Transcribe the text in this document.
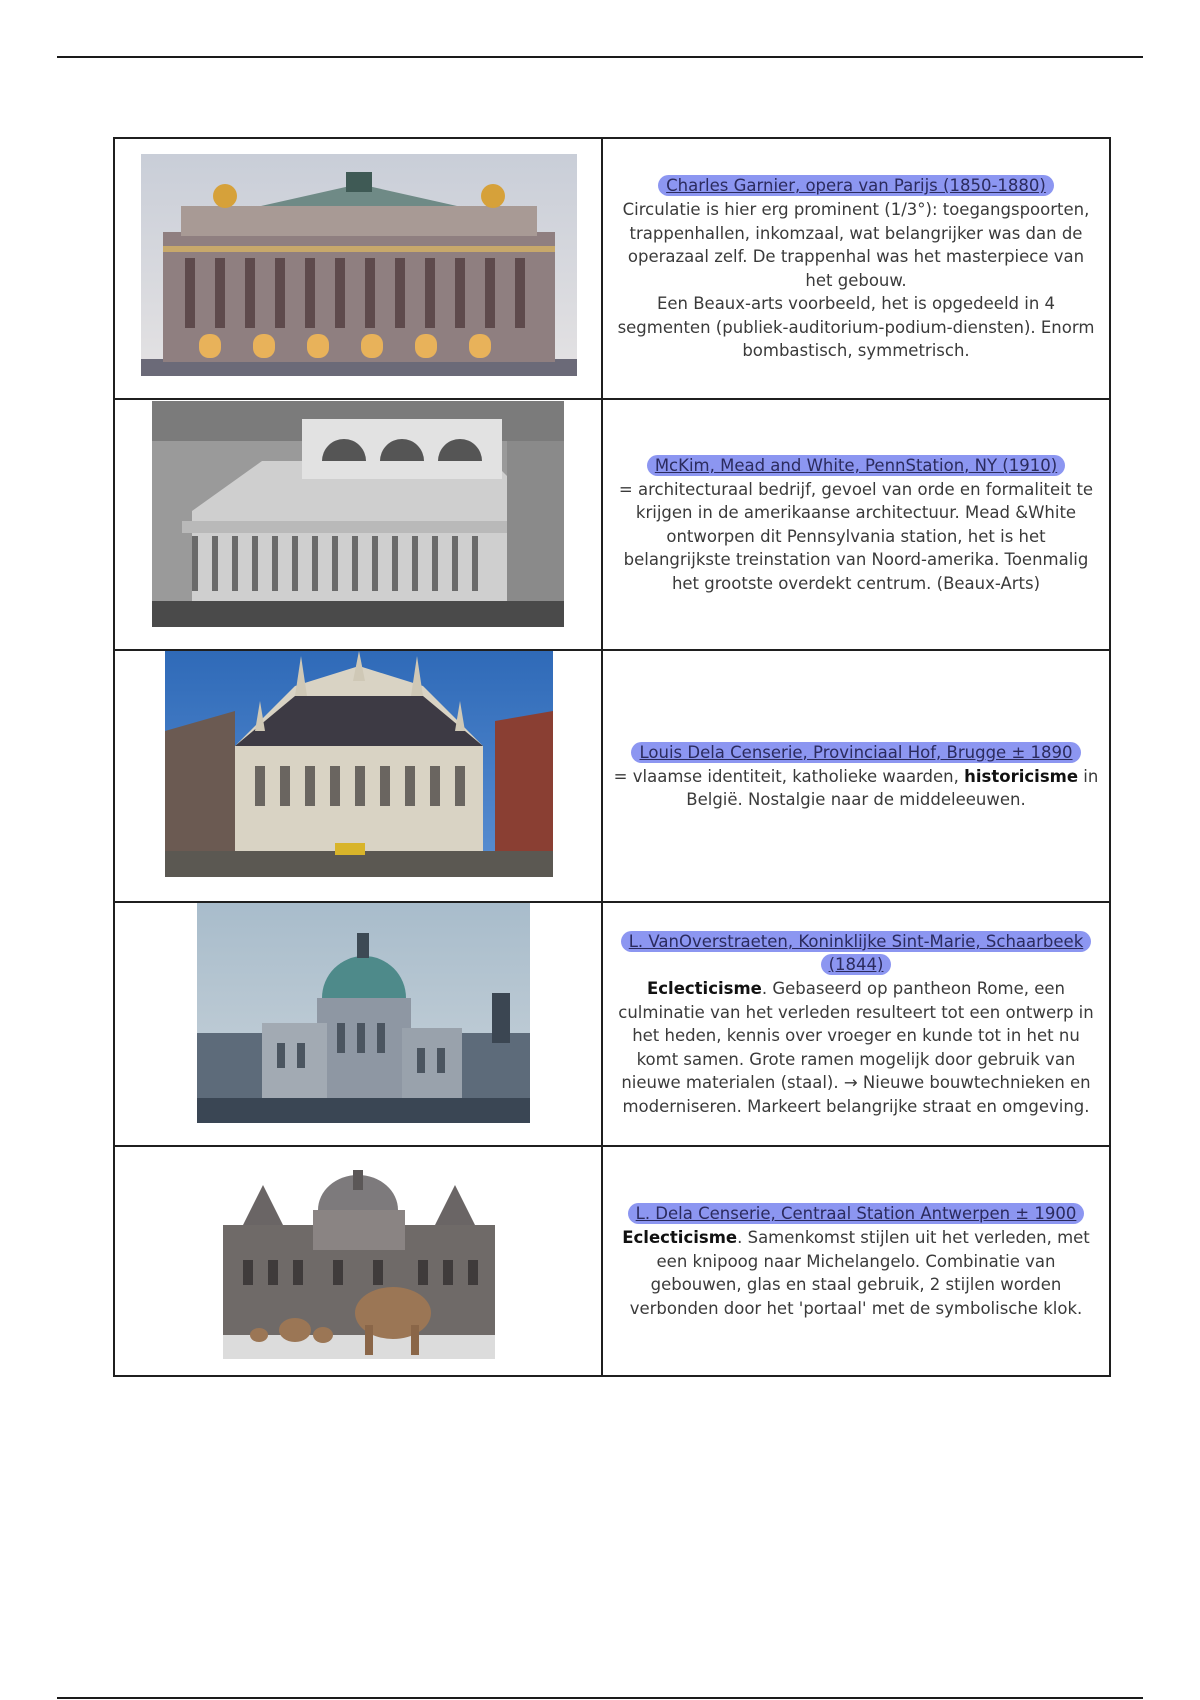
	Charles Garnier, opera van Parijs (1850-1880)

Circulatie is hier erg prominent (1/3°): toegangspoorten, trappenhallen, inkomzaal, wat belangrijker was dan de operazaal zelf. De trappenhal was het masterpiece van het gebouw.

Een Beaux-arts voorbeeld, het is opgedeeld in 4 segmenten (publiek-auditorium-podium-diensten). Enorm bombastisch, symmetrisch.

	McKim, Mead and White, PennStation, NY (1910)

= architecturaal bedrijf, gevoel van orde en formaliteit te krijgen in de amerikaanse architectuur. Mead &White ontworpen dit Pennsylvania station, het is het belangrijkste treinstation van Noord-amerika. Toenmalig het grootste overdekt centrum. (Beaux-Arts)

	Louis Dela Censerie, Provinciaal Hof, Brugge ± 1890

= vlaamse identiteit, katholieke waarden, historicisme in België. Nostalgie naar de middeleeuwen.

	L. VanOverstraeten, Koninklijke Sint-Marie, Schaarbeek (1844)

Eclecticisme. Gebaseerd op pantheon Rome, een culminatie van het verleden resulteert tot een ontwerp in het heden, kennis over vroeger en kunde tot in het nu komt samen. Grote ramen mogelijk door gebruik van nieuwe materialen (staal). → Nieuwe bouwtechnieken en moderniseren. Markeert belangrijke straat en omgeving.

	L. Dela Censerie, Centraal Station Antwerpen ± 1900

Eclecticisme. Samenkomst stijlen uit het verleden, met een knipoog naar Michelangelo. Combinatie van gebouwen, glas en staal gebruik, 2 stijlen worden verbonden door het 'portaal' met de symbolische klok.
